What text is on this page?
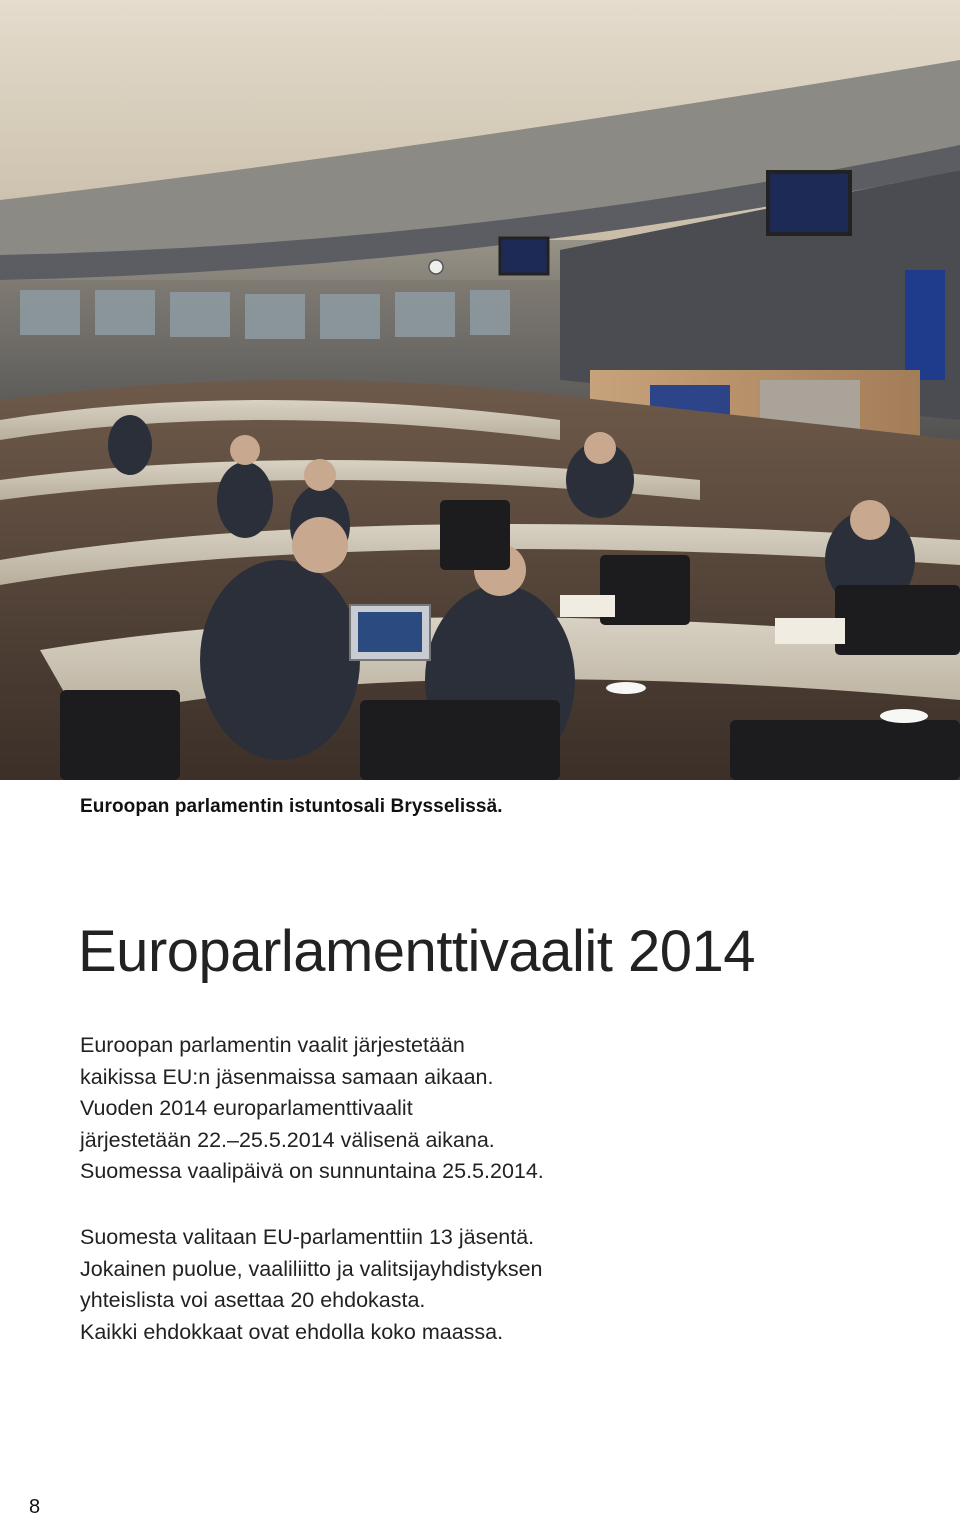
Euroopan parlamentin istuntosali Brysselissä.
Europarlamenttivaalit 2014
Euroopan parlamentin vaalit järjestetään
kaikissa EU:n jäsenmaissa samaan aikaan.
Vuoden 2014 europarlamenttivaalit
järjestetään 22.–25.5.2014 välisenä aikana.
Suomessa vaalipäivä on sunnuntaina 25.5.2014.
Suomesta valitaan EU-parlamenttiin 13 jäsentä.
Jokainen puolue, vaaliliitto ja valitsijayhdistyksen
yhteislista voi asettaa 20 ehdokasta.
Kaikki ehdokkaat ovat ehdolla koko maassa.
8
